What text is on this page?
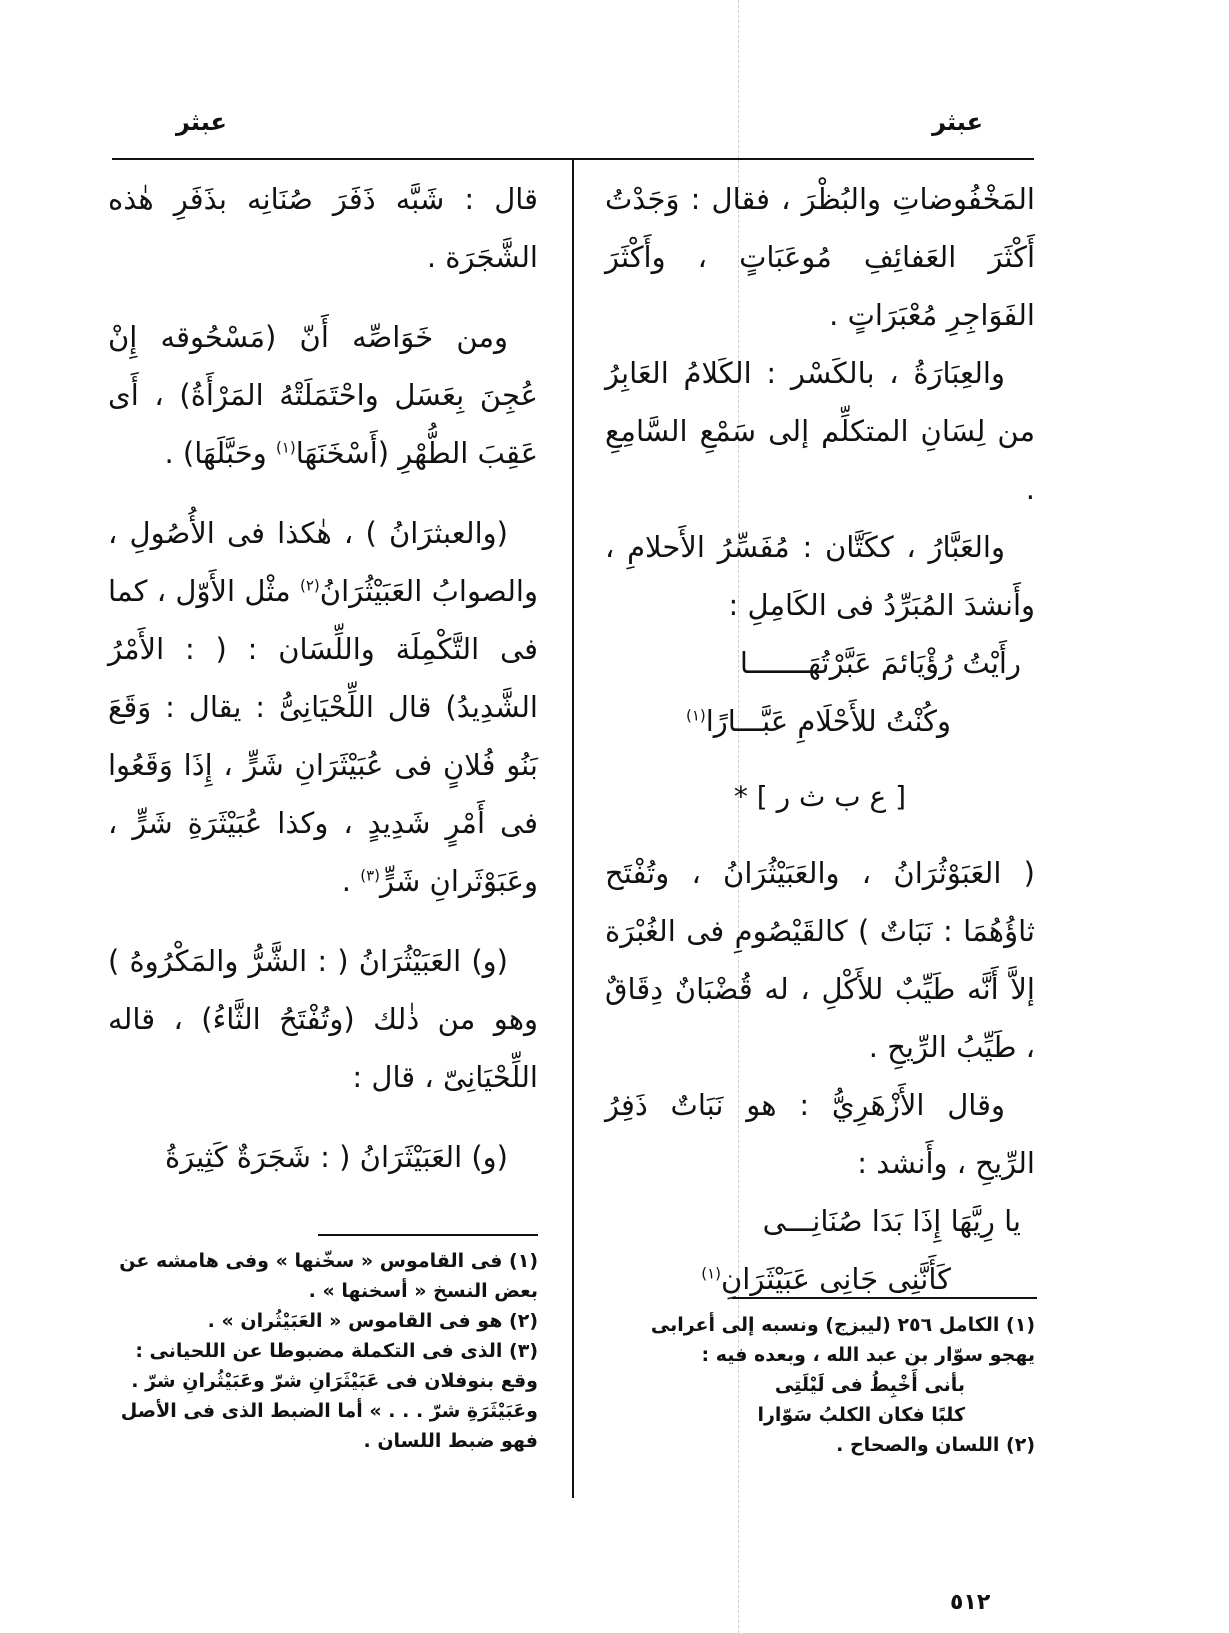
عبثر
عبثر

المَخْفُوضاتِ والبُظْرَ ، فقال : وَجَدْتُ أَكْثَرَ العَفائِفِ مُوعَبَاتٍ ، وأَكْثَرَ الفَوَاجِرِ مُعْبَرَاتٍ .

والعِبَارَةُ ، بالكَسْر : الكَلامُ العَابِرُ من لِسَانِ المتكلِّم إلى سَمْعِ السَّامِعِ .

والعَبَّارُ ، ككَتَّان : مُفَسِّرُ الأَحلامِ ، وأَنشدَ المُبَرِّدُ فى الكَامِلِ :

رأَيْتُ رُؤْيَائمَ عَبَّرْتُهَـــــــا
وكُنْتُ للأَحْلَامِ عَبَّـــارًا$^{(١)}$
[ ع ب ث ر ] *

( العَبَوْثُرَانُ ، والعَبَيْثُرَانُ ، وتُفْتَح ثاؤُهُمَا : نَبَاتٌ ) كالقَيْصُومِ فى الغُبْرَة إلاَّ أَنَّه طَيِّبٌ للأَكْلِ ، له قُضْبَانٌ دِقَاقٌ ، طَيِّبُ الرِّيحِ .

وقال الأَزْهَرِيُّ : هو نَبَاتٌ ذَفِرُ الرِّيحِ ، وأَنشد :

يا رِيَّهَا إِذَا بَدَا صُنَانِـــى
كَأَنَّنِى جَانِى عَبَيْثَرَانِ$^{(١)}$

قال : شَبَّه ذَفَرَ صُنَانِه بذَفَرِ هٰذه الشَّجَرَة .

ومن خَوَاصِّه أَنّ (مَسْحُوقه إِنْ عُجِنَ بِعَسَل واحْتَمَلَتْهُ المَرْأَةُ) ، أَى عَقِبَ الطُّهْرِ (أَسْخَنَهَا$^{(١)}$ وحَبَّلَهَا) .

(والعبثرَانُ ) ، هٰكذا فى الأُصُولِ ، والصوابُ العَبَيْثُرَانُ$^{(٢)}$ مثْل الأَوّل ، كما فى التَّكْمِلَة واللِّسَان : ( : الأَمْرُ الشَّدِيدُ) قال اللِّحْيَانِىُّ : يقال : وَقَعَ بَنُو فُلانٍ فى عُبَيْثَرَانِ شَرٍّ ، إِذَا وَقَعُوا فى أَمْرٍ شَدِيدٍ ، وكذا عُبَيْثَرَةِ شَرٍّ ، وعَبَوْثَرانِ شَرٍّ$^{(٣)}$ .

(و) العَبَيْثُرَانُ ( : الشَّرُّ والمَكْرُوهُ ) وهو من ذٰلك (وتُفْتَحُ الثَّاءُ) ، قاله اللِّحْيَانِىّ ، قال :

(و) العَبَيْثَرَانُ ( : شَجَرَةٌ كَثِيرَةُ

(١) الكامل ٢٥٦ (ليبزج) ونسبه إلى أعرابى يهجو سوّار بن عبد الله ، وبعده فيه :

بأنى أَخْبِطُ فى لَيْلَتِى
كلبًا فكان الكلبُ سَوّارا

(٢) اللسان والصحاح .

(١) فى القاموس « سخّنها » وفى هامشه عن بعض النسخ « أسخنها » .

(٢) هو فى القاموس « العَبَيْثُران » .

(٣) الذى فى التكملة مضبوطا عن اللحيانى : وقع بنوفلان فى عَبَيْثَرَانِ شرّ وعَبَيْثُرانِ شرّ . وعَبَيْثَرَةِ شرّ . . . » أما الضبط الذى فى الأصل فهو ضبط اللسان .

٥١٢
